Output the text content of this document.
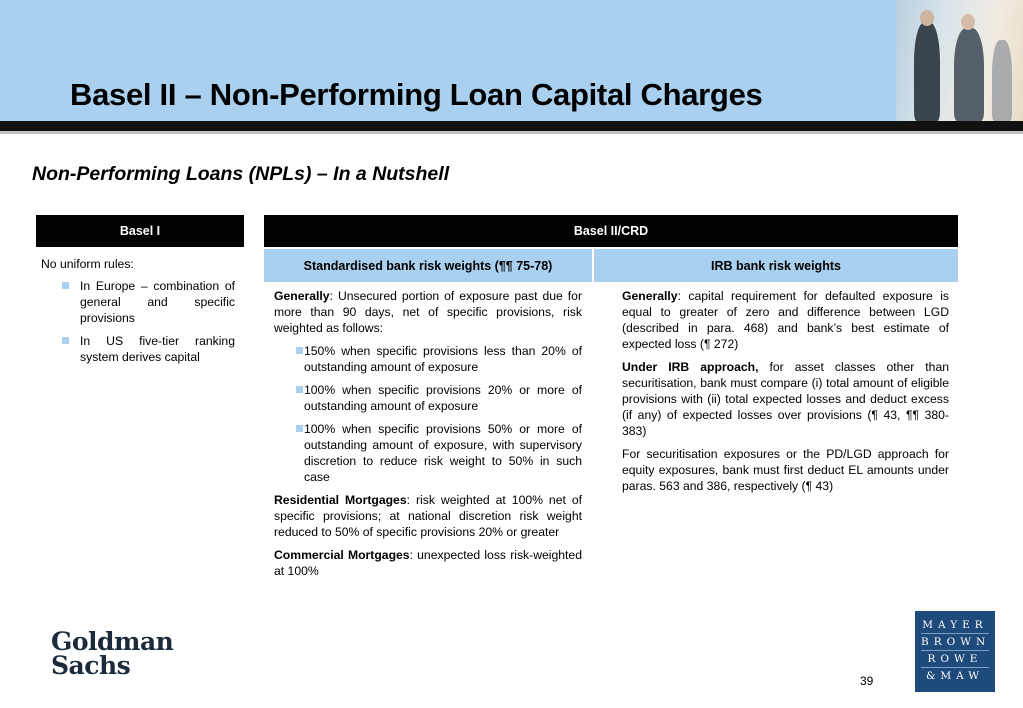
Basel II – Non-Performing Loan Capital Charges
Non-Performing Loans (NPLs) – In a Nutshell
Basel I	Basel II/CRD
Standardised bank risk weights (¶¶ 75-78)	IRB bank risk weights
No uniform rules:
In Europe – combination of general and specific provisions
In US five-tier ranking system derives capital

Generally: Unsecured portion of exposure past due for more than 90 days, net of specific provisions, risk weighted as follows:

150% when specific provisions less than 20% of outstanding amount of exposure
100% when specific provisions 20% or more of outstanding amount of exposure
100% when specific provisions 50% or more of outstanding amount of exposure, with supervisory discretion to reduce risk weight to 50% in such case

Residential Mortgages: risk weighted at 100% net of specific provisions; at national discretion risk weight reduced to 50% of specific provisions 20% or greater

Commercial Mortgages: unexpected loss risk-weighted at 100%

Generally: capital requirement for defaulted exposure is equal to greater of zero and difference between LGD (described in para. 468) and bank’s best estimate of expected loss (¶ 272)

Under IRB approach, for asset classes other than securitisation, bank must compare (i) total amount of eligible provisions with (ii) total expected losses and deduct excess (if any) of expected losses over provisions (¶ 43, ¶¶ 380-383)

For securitisation exposures or the PD/LGD approach for equity exposures, bank must first deduct EL amounts under paras. 563 and 386, respectively (¶ 43)

Goldman
Sachs
39
MAYER
BROWN
ROWE
&MAW
